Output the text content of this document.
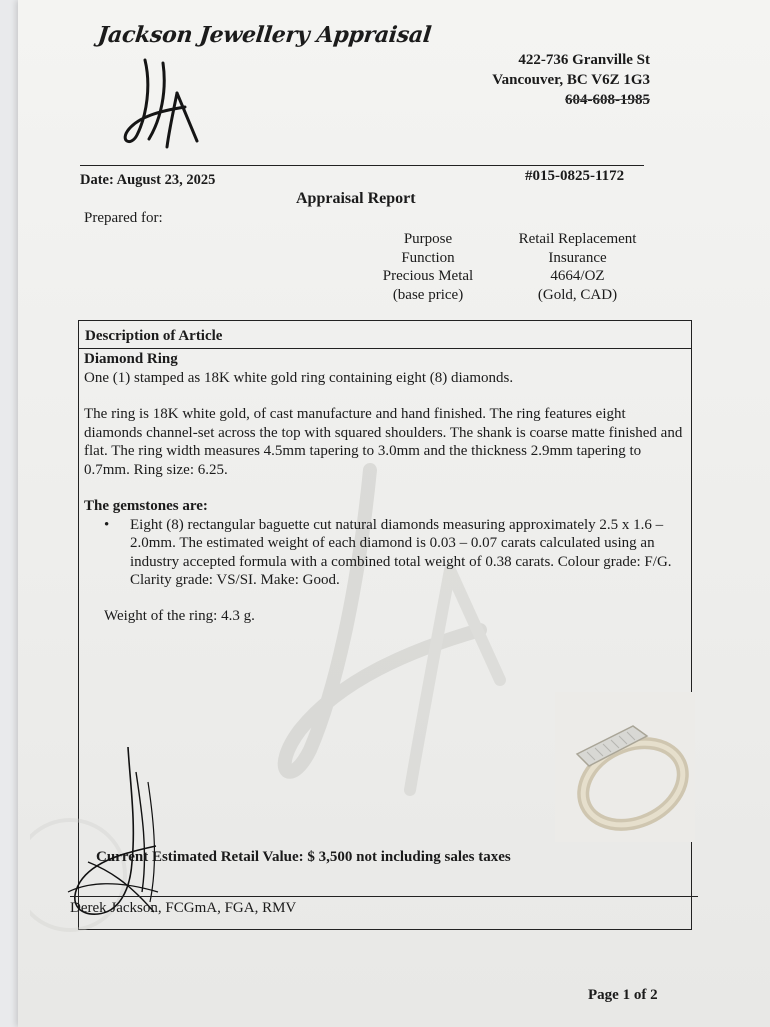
Jackson Jewellery Appraisal
422-736 Granville St
Vancouver, BC V6Z 1G3
604-608-1985
Date: August 23, 2025	#015-0825-1172
Appraisal Report
Prepared for:
Purpose
Function
Precious Metal
(base price)
Retail Replacement
Insurance
4664/OZ
(Gold, CAD)
Description of Article

Diamond Ring

One (1) stamped as 18K white gold ring containing eight (8) diamonds.

The ring is 18K white gold, of cast manufacture and hand finished. The ring features eight diamonds channel-set across the top with squared shoulders. The shank is coarse matte finished and flat. The ring width measures 4.5mm tapering to 3.0mm and the thickness 2.9mm tapering to 0.7mm. Ring size: 6.25.

The gemstones are:

•	Eight (8) rectangular baguette cut natural diamonds measuring approximately 2.5 x 1.6 – 2.0mm. The estimated weight of each diamond is 0.03 – 0.07 carats calculated using an industry accepted formula with a combined total weight of 0.38 carats. Colour grade: F/G. Clarity grade: VS/SI. Make: Good.
Weight of the ring: 4.3 g.
Current Estimated Retail Value: $ 3,500 not including sales taxes
Derek Jackson, FCGmA, FGA, RMV
Page 1 of 2
